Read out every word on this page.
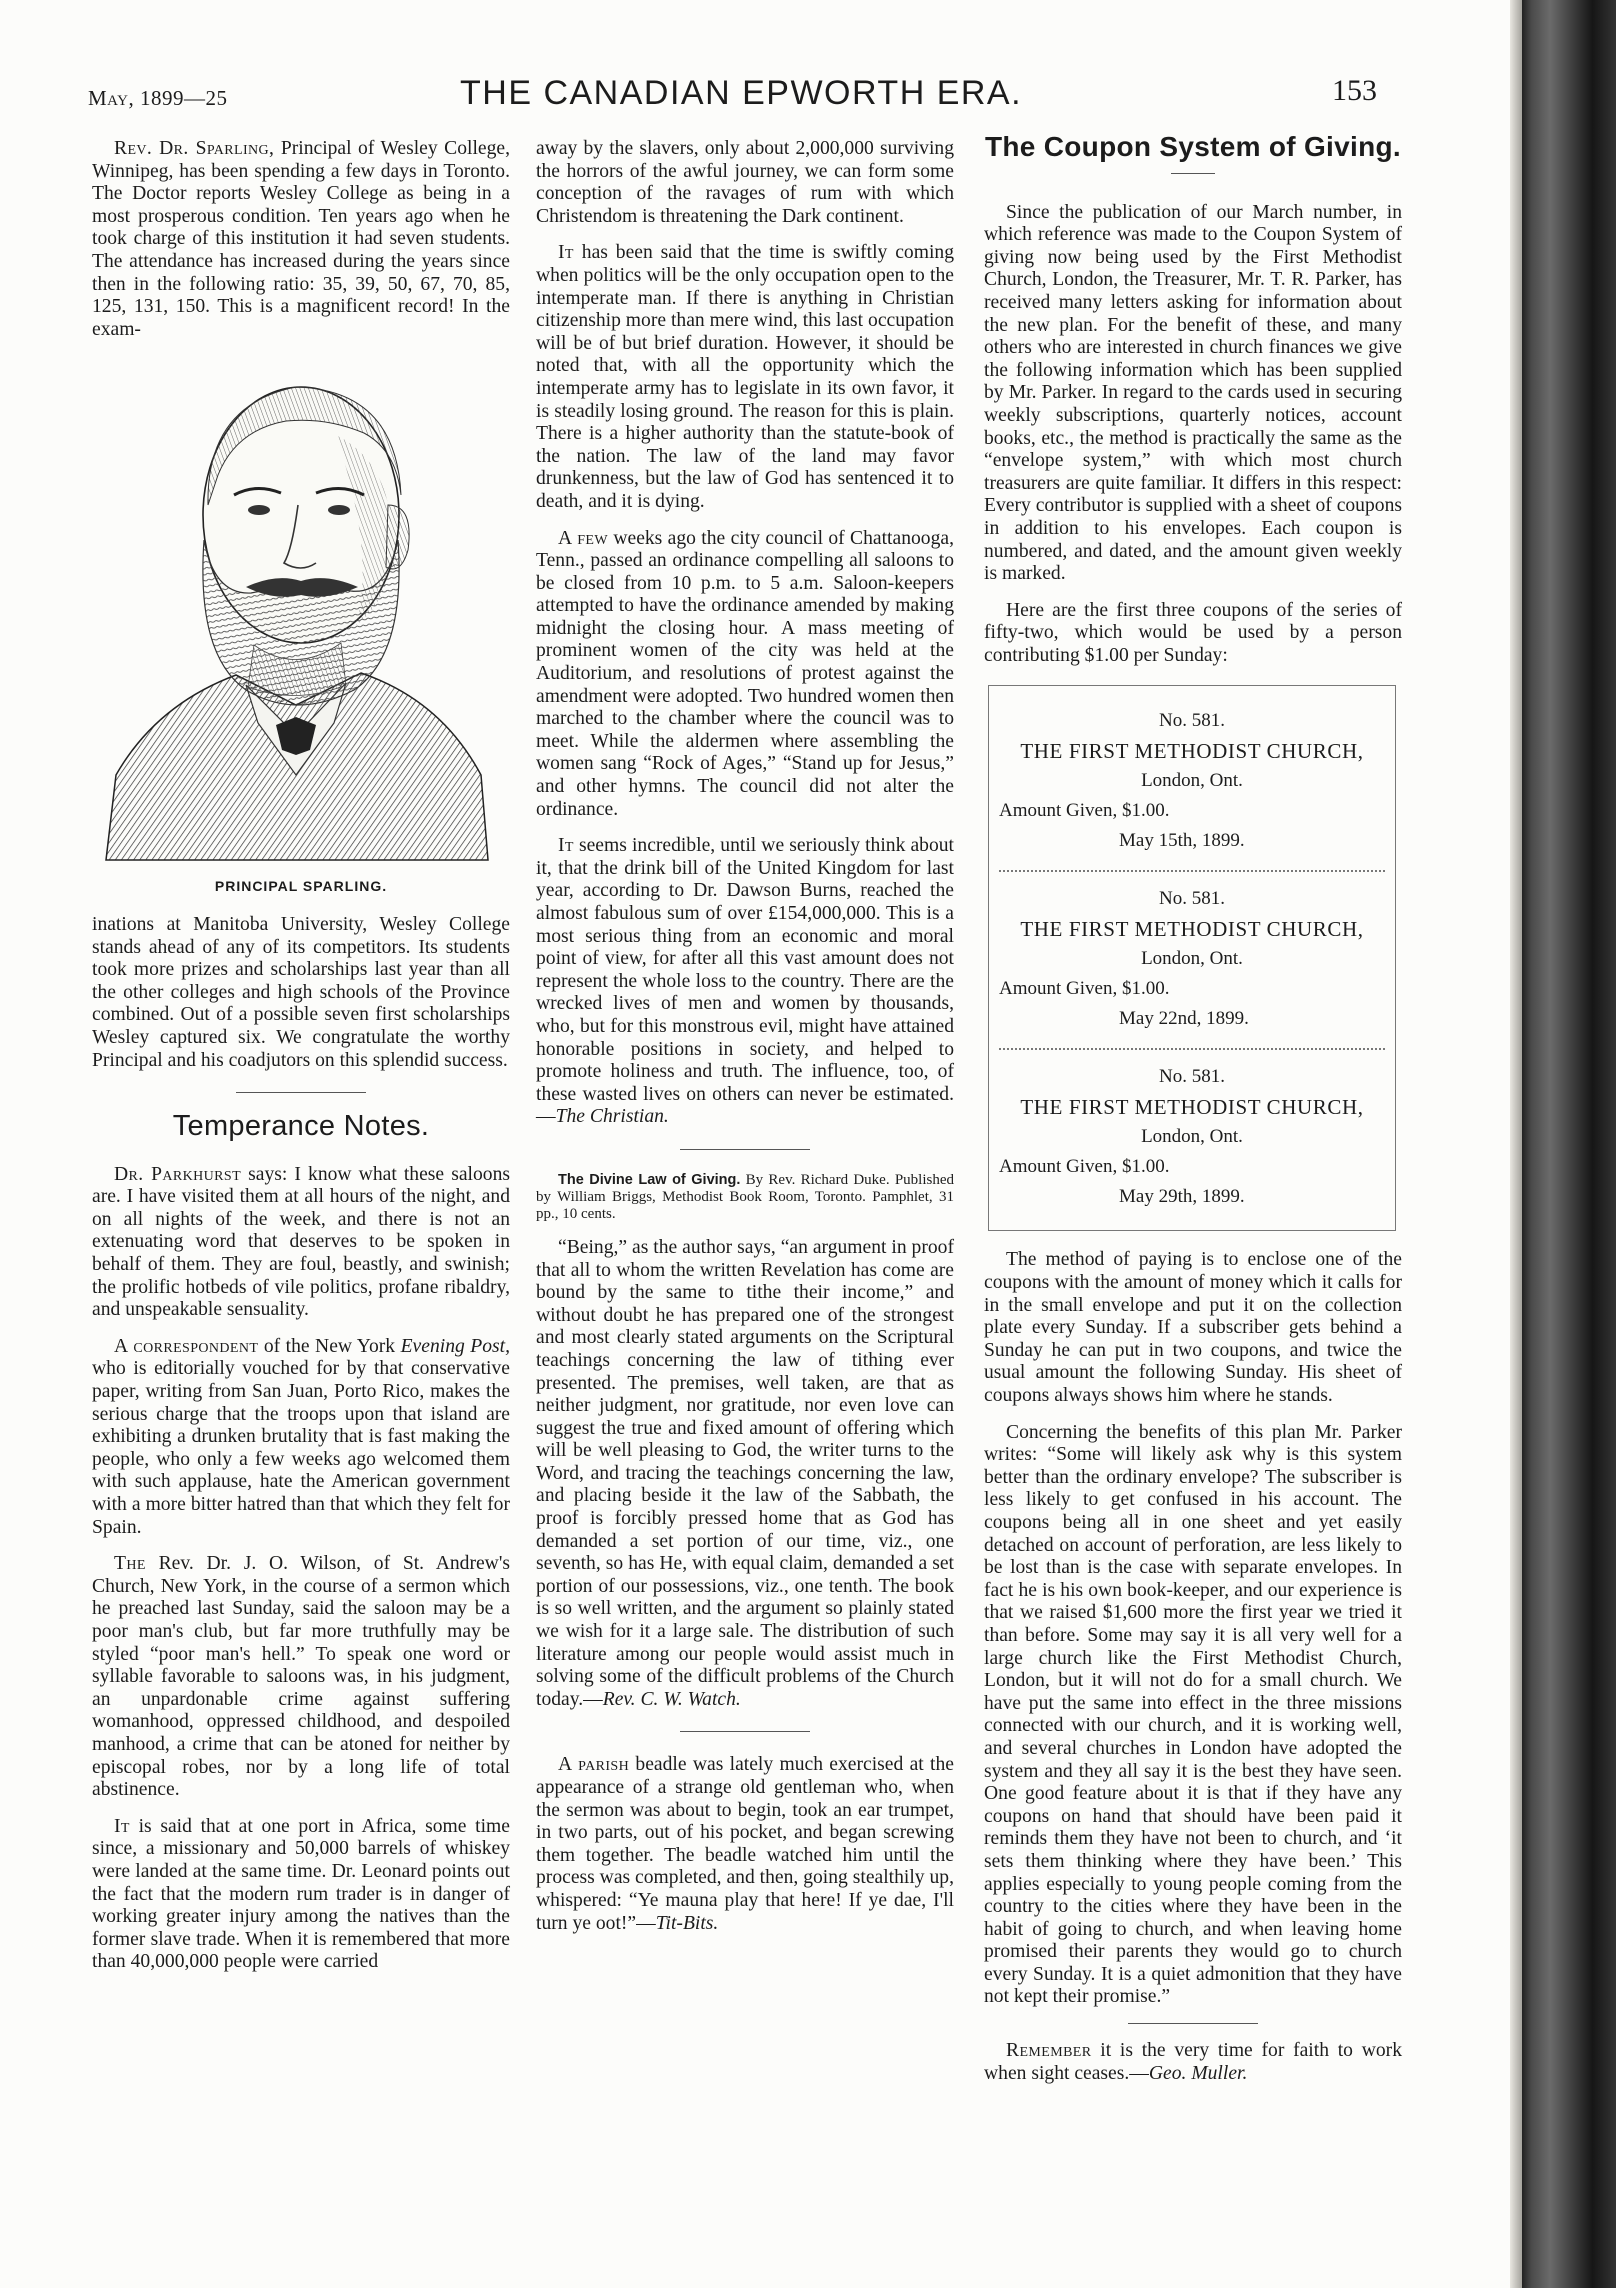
May, 1899—25	THE CANADIAN EPWORTH ERA.	153

Rev. Dr. Sparling, Principal of Wesley College, Winnipeg, has been spending a few days in Toronto. The Doctor reports Wesley College as being in a most prosperous condition. Ten years ago when he took charge of this institution it had seven students. The attendance has increased during the years since then in the following ratio: 35, 39, 50, 67, 70, 85, 125, 131, 150. This is a magnificent record! In the exam-

PRINCIPAL SPARLING.

inations at Manitoba University, Wesley College stands ahead of any of its competitors. Its students took more prizes and scholarships last year than all the other colleges and high schools of the Province combined. Out of a possible seven first scholarships Wesley captured six. We congratulate the worthy Principal and his coadjutors on this splendid success.

Temperance Notes.

Dr. Parkhurst says: I know what these saloons are. I have visited them at all hours of the night, and on all nights of the week, and there is not an extenuating word that deserves to be spoken in behalf of them. They are foul, beastly, and swinish; the prolific hotbeds of vile politics, profane ribaldry, and unspeakable sensuality.

A correspondent of the New York Evening Post, who is editorially vouched for by that conservative paper, writing from San Juan, Porto Rico, makes the serious charge that the troops upon that island are exhibiting a drunken brutality that is fast making the people, who only a few weeks ago welcomed them with such applause, hate the American government with a more bitter hatred than that which they felt for Spain.

The Rev. Dr. J. O. Wilson, of St. Andrew's Church, New York, in the course of a sermon which he preached last Sunday, said the saloon may be a poor man's club, but far more truthfully may be styled “poor man's hell.” To speak one word or syllable favorable to saloons was, in his judgment, an unpardonable crime against suffering womanhood, oppressed childhood, and despoiled manhood, a crime that can be atoned for neither by episcopal robes, nor by a long life of total abstinence.

It is said that at one port in Africa, some time since, a missionary and 50,000 barrels of whiskey were landed at the same time. Dr. Leonard points out the fact that the modern rum trader is in danger of working greater injury among the natives than the former slave trade. When it is remembered that more than 40,000,000 people were carried

away by the slavers, only about 2,000,000 surviving the horrors of the awful journey, we can form some conception of the ravages of rum with which Christendom is threatening the Dark continent.

It has been said that the time is swiftly coming when politics will be the only occupation open to the intemperate man. If there is anything in Christian citizenship more than mere wind, this last occupation will be of but brief duration. However, it should be noted that, with all the opportunity which the intemperate army has to legislate in its own favor, it is steadily losing ground. The reason for this is plain. There is a higher authority than the statute-book of the nation. The law of the land may favor drunkenness, but the law of God has sentenced it to death, and it is dying.

A few weeks ago the city council of Chattanooga, Tenn., passed an ordinance compelling all saloons to be closed from 10 p.m. to 5 a.m. Saloon-keepers attempted to have the ordinance amended by making midnight the closing hour. A mass meeting of prominent women of the city was held at the Auditorium, and resolutions of protest against the amendment were adopted. Two hundred women then marched to the chamber where the council was to meet. While the aldermen where assembling the women sang “Rock of Ages,” “Stand up for Jesus,” and other hymns. The council did not alter the ordinance.

It seems incredible, until we seriously think about it, that the drink bill of the United Kingdom for last year, according to Dr. Dawson Burns, reached the almost fabulous sum of over £154,000,000. This is a most serious thing from an economic and moral point of view, for after all this vast amount does not represent the whole loss to the country. There are the wrecked lives of men and women by thousands, who, but for this monstrous evil, might have attained honorable positions in society, and helped to promote holiness and truth. The influence, too, of these wasted lives on others can never be estimated.—The Christian.

The Divine Law of Giving. By Rev. Richard Duke. Published by William Briggs, Methodist Book Room, Toronto. Pamphlet, 31 pp., 10 cents.

“Being,” as the author says, “an argument in proof that all to whom the written Revelation has come are bound by the same to tithe their income,” and without doubt he has prepared one of the strongest and most clearly stated arguments on the Scriptural teachings concerning the law of tithing ever presented. The premises, well taken, are that as neither judgment, nor gratitude, nor even love can suggest the true and fixed amount of offering which will be well pleasing to God, the writer turns to the Word, and tracing the teachings concerning the law, and placing beside it the law of the Sabbath, the proof is forcibly pressed home that as God has demanded a set portion of our time, viz., one seventh, so has He, with equal claim, demanded a set portion of our possessions, viz., one tenth. The book is so well written, and the argument so plainly stated we wish for it a large sale. The distribution of such literature among our people would assist much in solving some of the difficult problems of the Church today.—Rev. C. W. Watch.

A parish beadle was lately much exercised at the appearance of a strange old gentleman who, when the sermon was about to begin, took an ear trumpet, in two parts, out of his pocket, and began screwing them together. The beadle watched him until the process was completed, and then, going stealthily up, whispered: “Ye mauna play that here! If ye dae, I'll turn ye oot!”—Tit-Bits.

The Coupon System of Giving.

Since the publication of our March number, in which reference was made to the Coupon System of giving now being used by the First Methodist Church, London, the Treasurer, Mr. T. R. Parker, has received many letters asking for information about the new plan. For the benefit of these, and many others who are interested in church finances we give the following information which has been supplied by Mr. Parker. In regard to the cards used in securing weekly subscriptions, quarterly notices, account books, etc., the method is practically the same as the “envelope system,” with which most church treasurers are quite familiar. It differs in this respect: Every contributor is supplied with a sheet of coupons in addition to his envelopes. Each coupon is numbered, and dated, and the amount given weekly is marked.

Here are the first three coupons of the series of fifty-two, which would be used by a person contributing $1.00 per Sunday:

No. 581.
THE FIRST METHODIST CHURCH,
London, Ont.
Amount Given, $1.00.
May 15th, 1899.
No. 581.
THE FIRST METHODIST CHURCH,
London, Ont.
Amount Given, $1.00.
May 22nd, 1899.
No. 581.
THE FIRST METHODIST CHURCH,
London, Ont.
Amount Given, $1.00.
May 29th, 1899.

The method of paying is to enclose one of the coupons with the amount of money which it calls for in the small envelope and put it on the collection plate every Sunday. If a subscriber gets behind a Sunday he can put in two coupons, and twice the usual amount the following Sunday. His sheet of coupons always shows him where he stands.

Concerning the benefits of this plan Mr. Parker writes: “Some will likely ask why is this system better than the ordinary envelope? The subscriber is less likely to get confused in his account. The coupons being all in one sheet and yet easily detached on account of perforation, are less likely to be lost than is the case with separate envelopes. In fact he is his own book-keeper, and our experience is that we raised $1,600 more the first year we tried it than before. Some may say it is all very well for a large church like the First Methodist Church, London, but it will not do for a small church. We have put the same into effect in the three missions connected with our church, and it is working well, and several churches in London have adopted the system and they all say it is the best they have seen. One good feature about it is that if they have any coupons on hand that should have been paid it reminds them they have not been to church, and ‘it sets them thinking where they have been.’ This applies especially to young people coming from the country to the cities where they have been in the habit of going to church, and when leaving home promised their parents they would go to church every Sunday. It is a quiet admonition that they have not kept their promise.”

Remember it is the very time for faith to work when sight ceases.—Geo. Muller.
